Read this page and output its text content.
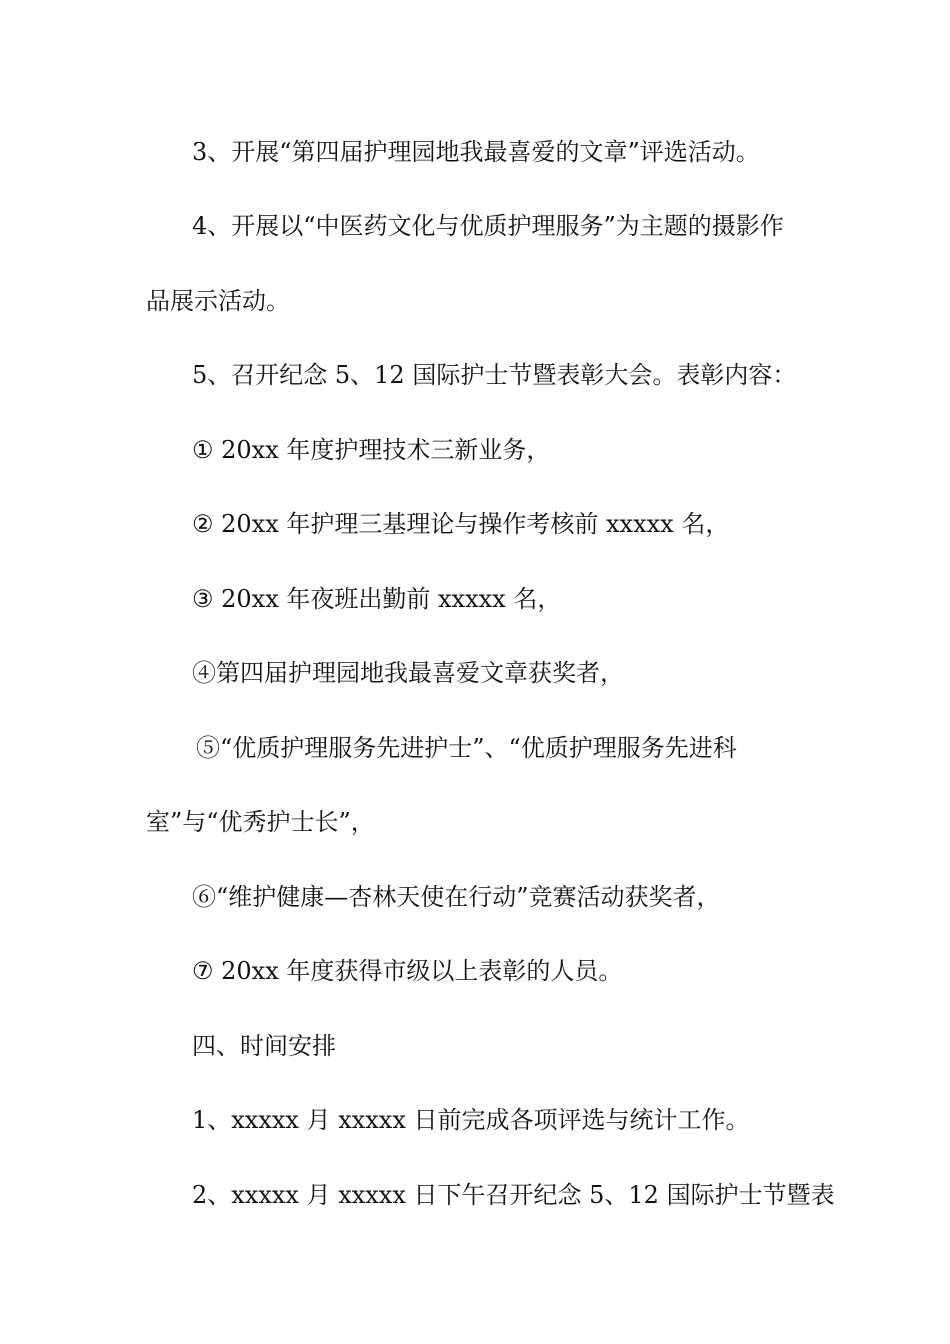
3、开展“第四届护理园地我最喜爱的文章”评选活动。
4、开展以“中医药文化与优质护理服务”为主题的摄影作
品展示活动。
5、召开纪念 5、12 国际护士节暨表彰大会。表彰内容：
① 20xx 年度护理技术三新业务，
② 20xx 年护理三基理论与操作考核前 xxxxx 名，
③ 20xx 年夜班出勤前 xxxxx 名，
④第四届护理园地我最喜爱文章获奖者，
⑤“优质护理服务先进护士”、“优质护理服务先进科
室”与“优秀护士长”，
⑥“维护健康—杏林天使在行动”竞赛活动获奖者，
⑦ 20xx 年度获得市级以上表彰的人员。
四、时间安排
1、xxxxx 月 xxxxx 日前完成各项评选与统计工作。
2、xxxxx 月 xxxxx 日下午召开纪念 5、12 国际护士节暨表
